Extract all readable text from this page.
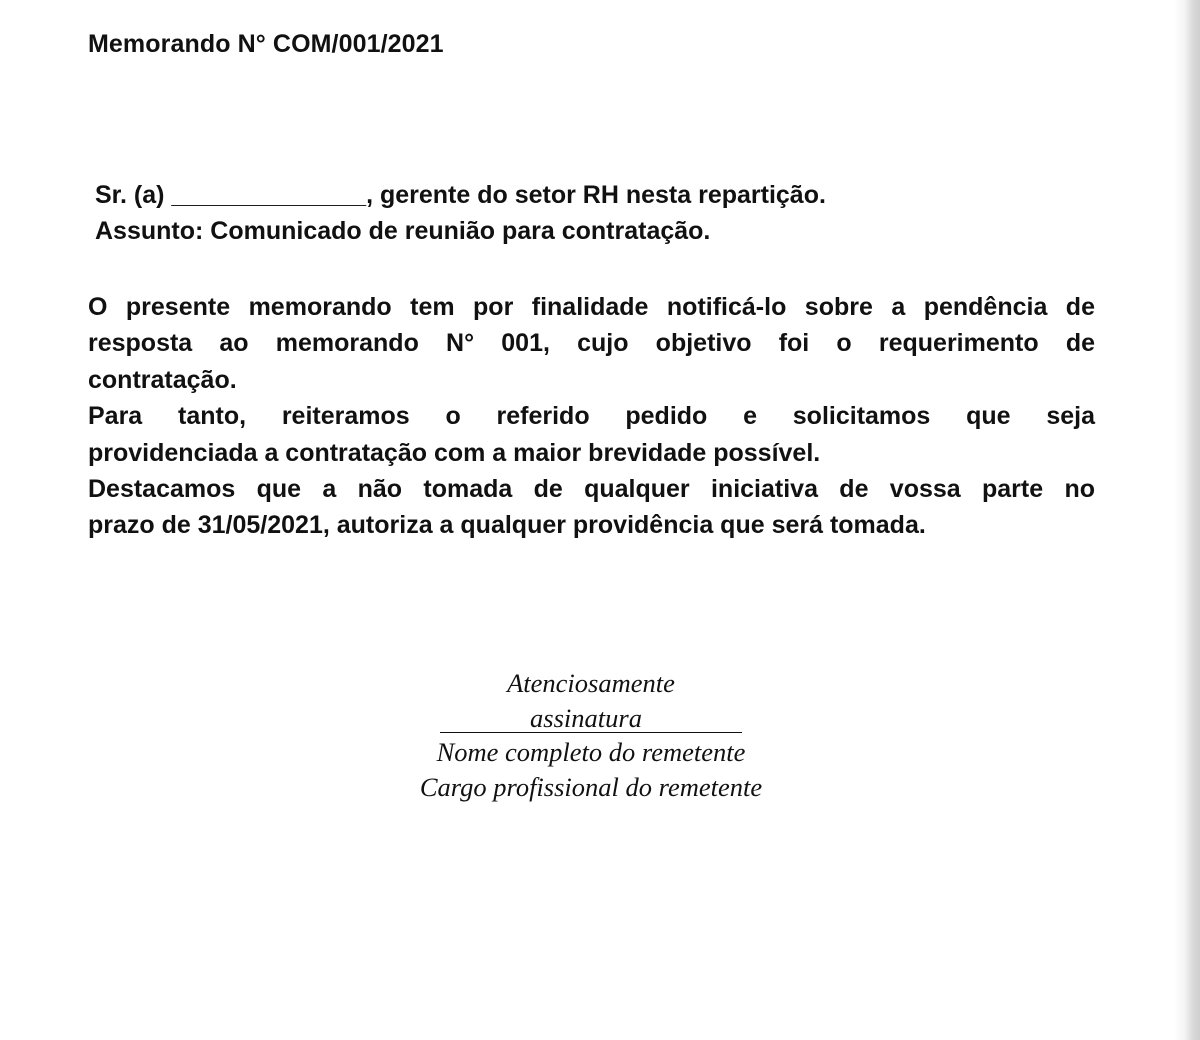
Memorando N° COM/001/2021
Sr. (a) ______________, gerente do setor RH nesta repartição.
Assunto: Comunicado de reunião para contratação.

O presente memorando tem por finalidade notificá-lo sobre a pendência de

resposta ao memorando N° 001, cujo objetivo foi o requerimento de

contratação.

Para tanto, reiteramos o referido pedido e solicitamos que seja

providenciada a contratação com a maior brevidade possível.

Destacamos que a não tomada de qualquer iniciativa de vossa parte no

prazo de 31/05/2021, autoriza a qualquer providência que será tomada.

Atenciosamente
assinatura
Nome completo do remetente
Cargo profissional do remetente
